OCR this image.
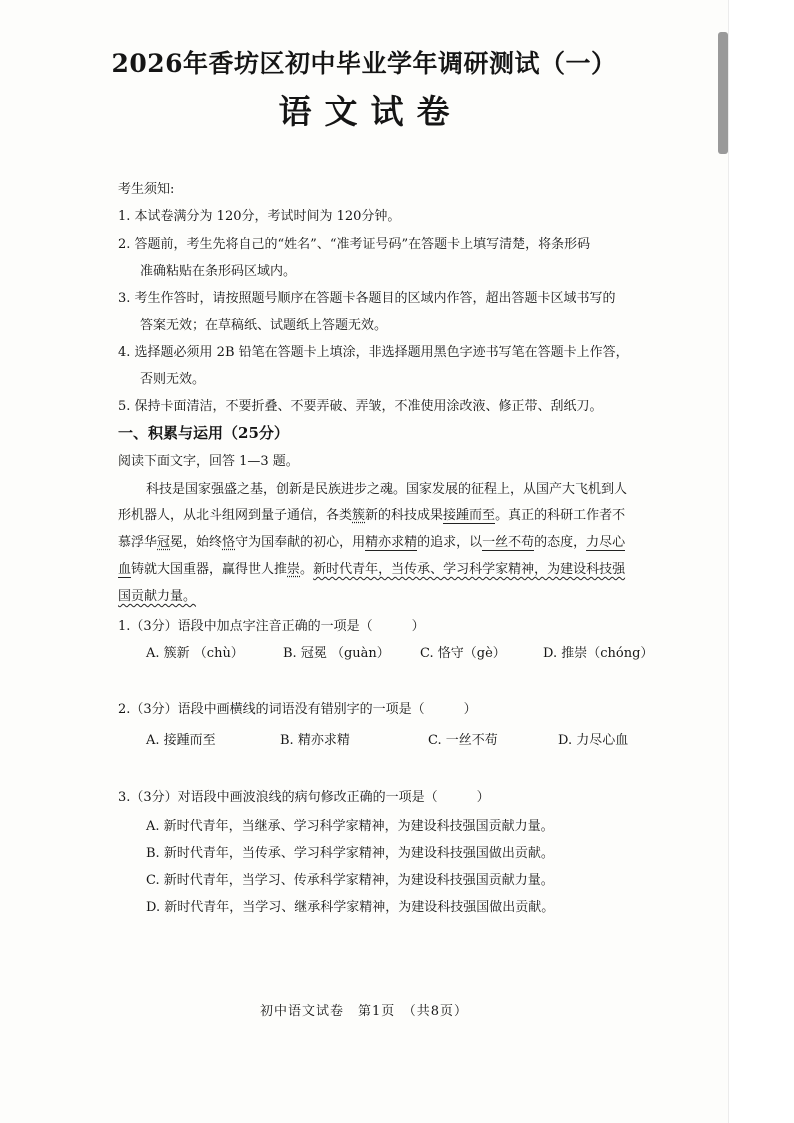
2026年香坊区初中毕业学年调研测试（一）
语文试卷
考生须知:
1. 本试卷满分为 120分，考试时间为 120分钟。
2. 答题前，考生先将自己的“姓名”、“准考证号码”在答题卡上填写清楚，将条形码
准确粘贴在条形码区域内。
3. 考生作答时，请按照题号顺序在答题卡各题目的区域内作答，超出答题卡区域书写的
答案无效；在草稿纸、试题纸上答题无效。
4. 选择题必须用 2B 铅笔在答题卡上填涂，非选择题用黑色字迹书写笔在答题卡上作答，
否则无效。
5. 保持卡面清洁，不要折叠、不要弄破、弄皱，不准使用涂改液、修正带、刮纸刀。
一、积累与运用（25分）
阅读下面文字，回答 1—3 题。
科技是国家强盛之基，创新是民族进步之魂。国家发展的征程上，从国产大飞机到人
形机器人，从北斗组网到量子通信，各类簇新的科技成果接踵而至。真正的科研工作者不
慕浮华冠冕，始终恪守为国奉献的初心，用精亦求精的追求，以一丝不苟的态度，力尽心
血铸就大国重器，赢得世人推崇。新时代青年，当传承、学习科学家精神，为建设科技强
国贡献力量。
1.（3分）语段中加点字注音正确的一项是（　　　）
A. 簇新 （chù）	B. 冠冕 （guàn） C. 恪守（gè）	D. 推崇（chóng）
2.（3分）语段中画横线的词语没有错别字的一项是（　　　）
A. 接踵而至	B. 精亦求精	C. 一丝不苟	D. 力尽心血
3.（3分）对语段中画波浪线的病句修改正确的一项是（　　　）
A. 新时代青年，当继承、学习科学家精神，为建设科技强国贡献力量。
B. 新时代青年，当传承、学习科学家精神，为建设科技强国做出贡献。
C. 新时代青年，当学习、传承科学家精神，为建设科技强国贡献力量。
D. 新时代青年，当学习、继承科学家精神，为建设科技强国做出贡献。
初中语文试卷　第1页　（共8页）
